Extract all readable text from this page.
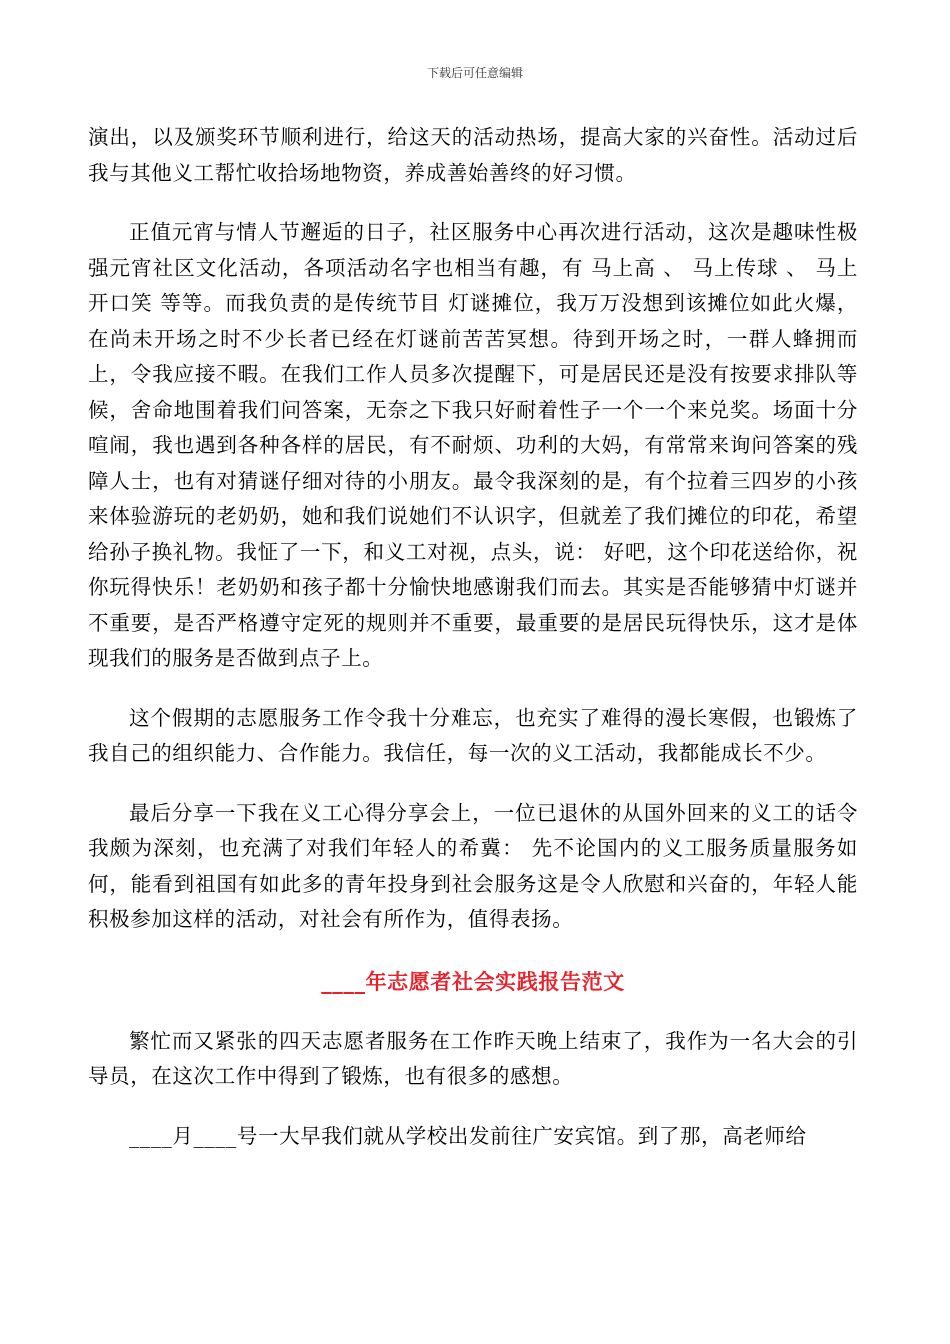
下载后可任意编辑

演出，以及颁奖环节顺利进行，给这天的活动热场，提高大家的兴奋性。活动过后我与其他义工帮忙收拾场地物资，养成善始善终的好习惯。

正值元宵与情人节邂逅的日子，社区服务中心再次进行活动，这次是趣味性极强元宵社区文化活动，各项活动名字也相当有趣，有 马上高 、 马上传球 、 马上开口笑 等等。而我负责的是传统节目 灯谜摊位，我万万没想到该摊位如此火爆，在尚未开场之时不少长者已经在灯谜前苦苦冥想。待到开场之时，一群人蜂拥而上，令我应接不暇。在我们工作人员多次提醒下，可是居民还是没有按要求排队等候，舍命地围着我们问答案，无奈之下我只好耐着性子一个一个来兑奖。场面十分喧闹，我也遇到各种各样的居民，有不耐烦、功利的大妈，有常常来询问答案的残障人士，也有对猜谜仔细对待的小朋友。最令我深刻的是，有个拉着三四岁的小孩来体验游玩的老奶奶，她和我们说她们不认识字，但就差了我们摊位的印花，希望给孙子换礼物。我怔了一下，和义工对视，点头，说： 好吧，这个印花送给你，祝你玩得快乐！老奶奶和孩子都十分愉快地感谢我们而去。其实是否能够猜中灯谜并不重要，是否严格遵守定死的规则并不重要，最重要的是居民玩得快乐，这才是体现我们的服务是否做到点子上。

这个假期的志愿服务工作令我十分难忘，也充实了难得的漫长寒假，也锻炼了我自己的组织能力、合作能力。我信任，每一次的义工活动，我都能成长不少。

最后分享一下我在义工心得分享会上，一位已退休的从国外回来的义工的话令我颇为深刻，也充满了对我们年轻人的希冀： 先不论国内的义工服务质量服务如何，能看到祖国有如此多的青年投身到社会服务这是令人欣慰和兴奋的，年轻人能积极参加这样的活动，对社会有所作为，值得表扬。

____年志愿者社会实践报告范文

繁忙而又紧张的四天志愿者服务在工作昨天晚上结束了，我作为一名大会的引导员，在这次工作中得到了锻炼，也有很多的感想。

____月____号一大早我们就从学校出发前往广安宾馆。到了那，高老师给
